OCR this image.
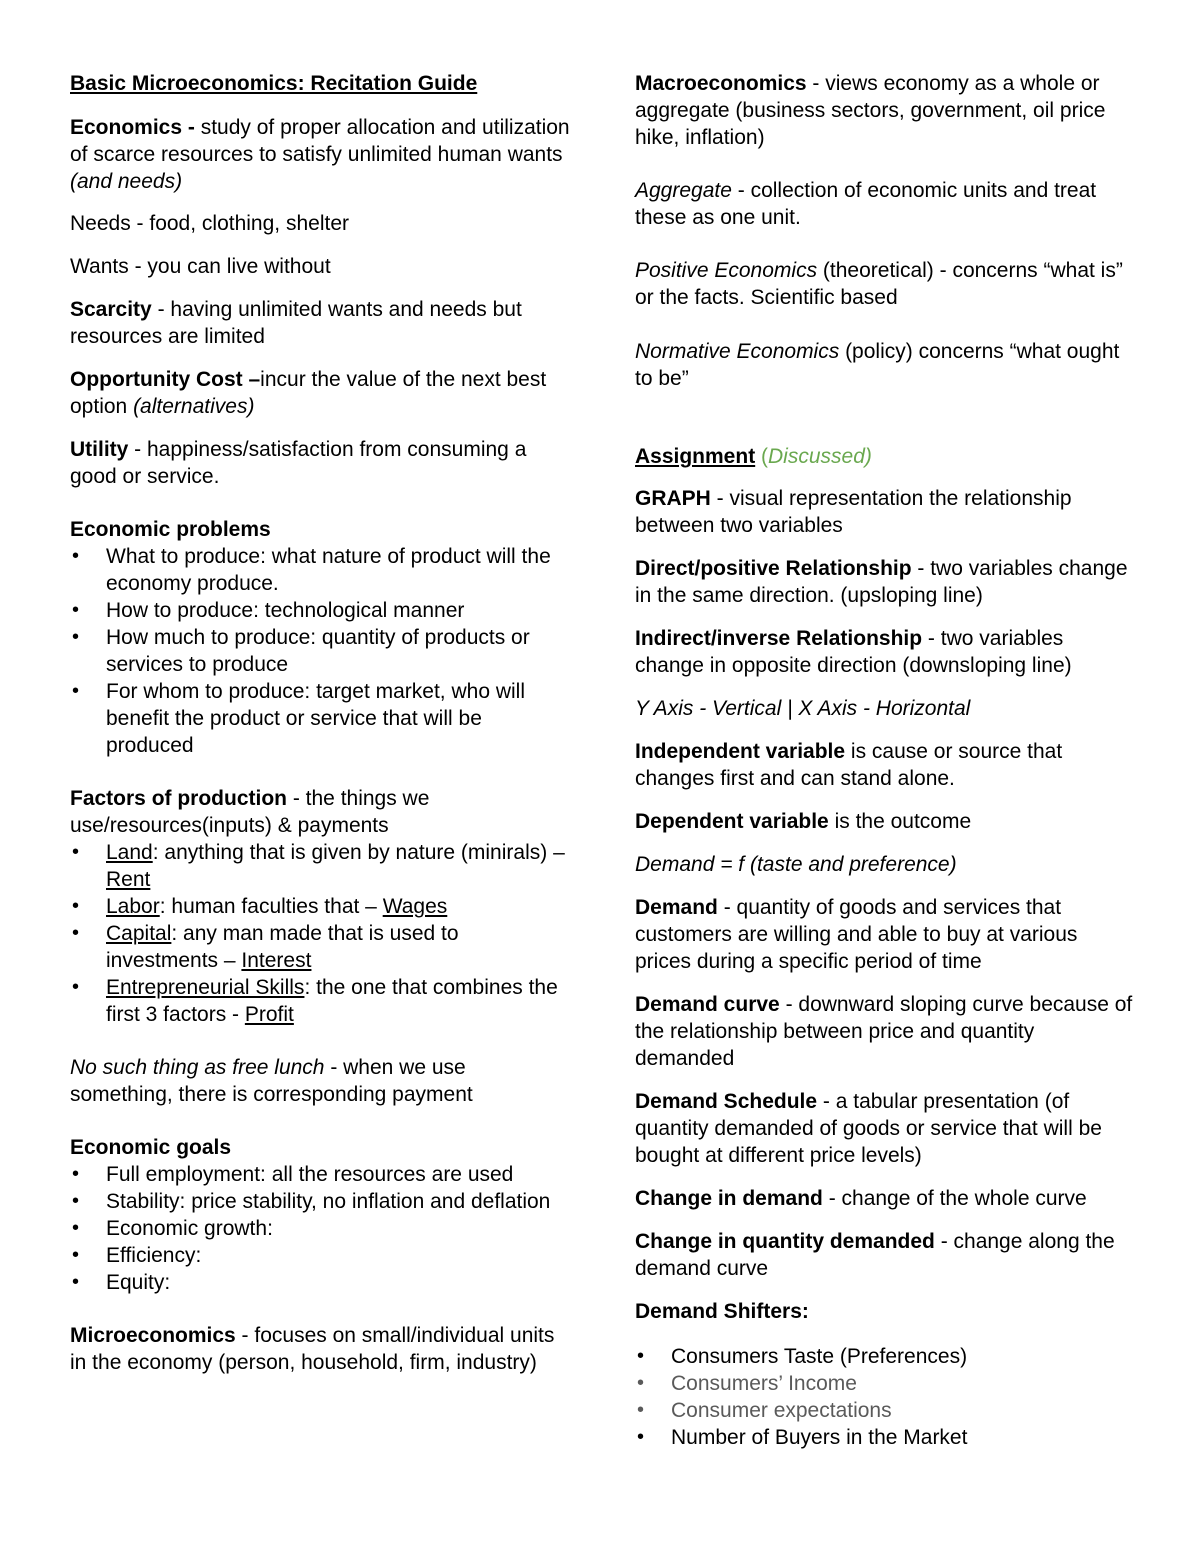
Basic Microeconomics: Recitation Guide

Economics - study of proper allocation and utilization of scarce resources to satisfy unlimited human wants (and needs)

Needs - food, clothing, shelter

Wants - you can live without

Scarcity - having unlimited wants and needs but resources are limited

Opportunity Cost –incur the value of the next best option (alternatives)

Utility - happiness/satisfaction from consuming a good or service.

Economic problems

• What to produce: what nature of product will the economy produce.
• How to produce: technological manner
• How much to produce: quantity of products or services to produce
• For whom to produce: target market, who will benefit the product or service that will be produced

Factors of production - the things we use/resources(inputs) & payments

• Land: anything that is given by nature (minirals) – Rent
• Labor: human faculties that – Wages
• Capital: any man made that is used to investments – Interest
• Entrepreneurial Skills: the one that combines the first 3 factors - Profit

No such thing as free lunch - when we use something, there is corresponding payment

Economic goals

• Full employment: all the resources are used
• Stability: price stability, no inflation and deflation
• Economic growth:
• Efficiency:
• Equity:

Microeconomics - focuses on small/individual units in the economy (person, household, firm, industry)

Macroeconomics - views economy as a whole or aggregate (business sectors, government, oil price hike, inflation)

Aggregate - collection of economic units and treat these as one unit.

Positive Economics (theoretical) - concerns “what is” or the facts. Scientific based

Normative Economics (policy) concerns “what ought to be”

Assignment (Discussed)

GRAPH - visual representation the relationship between two variables

Direct/positive Relationship - two variables change in the same direction. (upsloping line)

Indirect/inverse Relationship - two variables change in opposite direction (downsloping line)

Y Axis - Vertical | X Axis - Horizontal

Independent variable is cause or source that changes first and can stand alone.

Dependent variable is the outcome

Demand = f (taste and preference)

Demand - quantity of goods and services that customers are willing and able to buy at various prices during a specific period of time

Demand curve - downward sloping curve because of the relationship between price and quantity demanded

Demand Schedule - a tabular presentation (of quantity demanded of goods or service that will be bought at different price levels)

Change in demand - change of the whole curve

Change in quantity demanded - change along the demand curve

Demand Shifters:

• Consumers Taste (Preferences)
• Consumers’ Income
• Consumer expectations
• Number of Buyers in the Market
